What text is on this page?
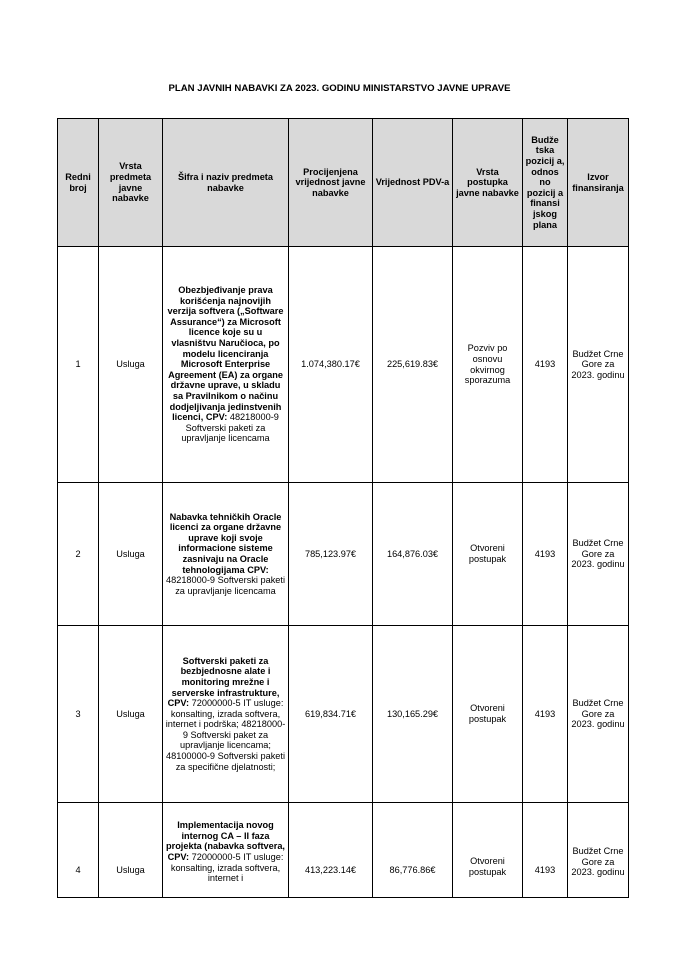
PLAN JAVNIH NABAVKI ZA 2023. GODINU MINISTARSTVO JAVNE UPRAVE
Redni broj	Vrsta predmeta javne nabavke	Šifra i naziv predmeta nabavke	Procijenjena vrijednost javne nabavke	Vrijednost PDV-a	Vrsta postupka javne nabavke	Budže tska pozicij a, odnos no pozicij a finansi jskog plana	Izvor finansiranja
1	Usluga	Obezbjeđivanje prava korišćenja najnovijih verzija softvera („Software Assurance“) za Microsoft licence koje su u vlasništvu Naručioca, po modelu licenciranja Microsoft Enterprise Agreement (EA) za organe državne uprave, u skladu sa Pravilnikom o načinu dodjeljivanja jedinstvenih licenci, CPV: 48218000-9 Softverski paketi za upravljanje licencama	1.074,380.17€	225,619.83€	Pozviv po osnovu okvirnog sporazuma	4193	Budžet Crne Gore za 2023. godinu
2	Usluga	Nabavka tehničkih Oracle licenci za organe državne uprave koji svoje informacione sisteme zasnivaju na Oracle tehnologijama CPV: 48218000-9 Softverski paketi za upravljanje licencama	785,123.97€	164,876.03€	Otvoreni postupak	4193	Budžet Crne Gore za 2023. godinu
3	Usluga	Softverski paketi za bezbjednosne alate i monitoring mrežne i serverske infrastrukture, CPV: 72000000-5 IT usluge: konsalting, izrada softvera, internet i podrška; 48218000-9 Softverski paket za upravljanje licencama; 48100000-9 Softverski paketi za specifične djelatnosti;	619,834.71€	130,165.29€	Otvoreni postupak	4193	Budžet Crne Gore za 2023. godinu
4	Usluga	Implementacija novog internog CA – II faza projekta (nabavka softvera, CPV: 72000000-5 IT usluge: konsalting, izrada softvera, internet i	413,223.14€	86,776.86€	Otvoreni postupak	4193	Budžet Crne Gore za 2023. godinu
